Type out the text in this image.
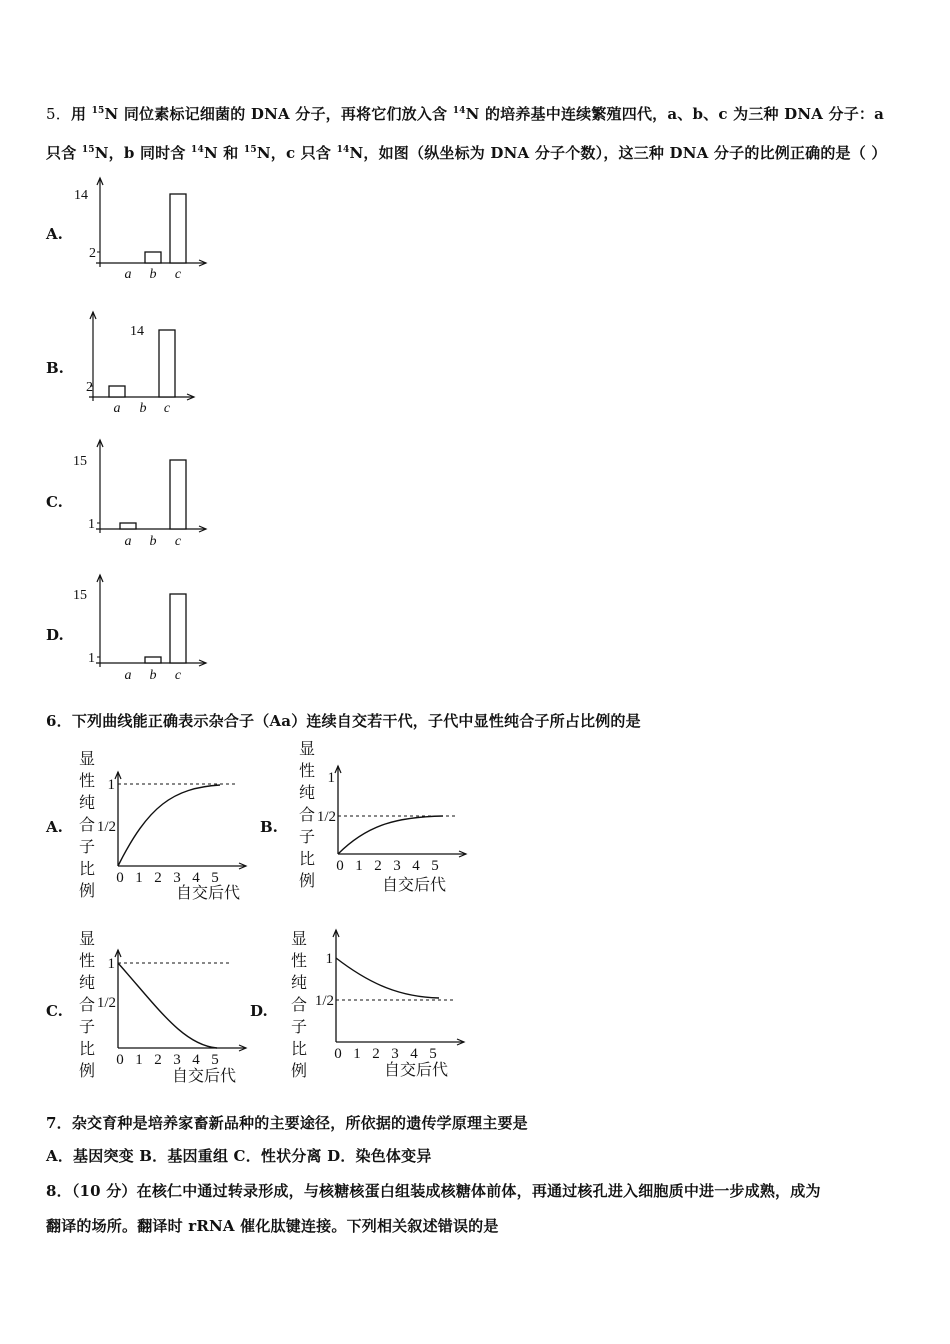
5．用 $^{15}$N 同位素标记细菌的 DNA 分子，再将它们放入含 $^{14}$N 的培养基中连续繁殖四代，a、b、c 为三种 DNA 分子：a
只含 $^{15}$N，b 同时含 $^{14}$N 和 $^{15}$N，c 只含 $^{14}$N，如图（纵坐标为 DNA 分子个数），这三种 DNA 分子的比例正确的是（ ）
A.
B.
C.
D.
14
2
a b c
14
2
a b c
15
1
a b c
15
1
a b c
0 1 2 3 4 5
自交后代
1
1/2
0 1 2 3 4 5
自交后代
1
1/2
0 1 2 3 4 5
自交后代
1
1/2
0 1 2 3 4 5
自交后代
1
1/2
6．下列曲线能正确表示杂合子（Aa）连续自交若干代，子代中显性纯合子所占比例的是
A.	B.
C.	D.
显
性
纯
合
子
比
例
显
性
纯
合
子
比
例
显
性
纯
合
子
比
例
显
性
纯
合
子
比
例
7．杂交育种是培养家畜新品种的主要途径，所依据的遗传学原理主要是
A．基因突变 B．基因重组 C．性状分离 D．染色体变异
8．（10 分）在核仁中通过转录形成，与核糖核蛋白组装成核糖体前体，再通过核孔进入细胞质中进一步成熟，成为
翻译的场所。翻译时 rRNA 催化肽键连接。下列相关叙述错误的是
